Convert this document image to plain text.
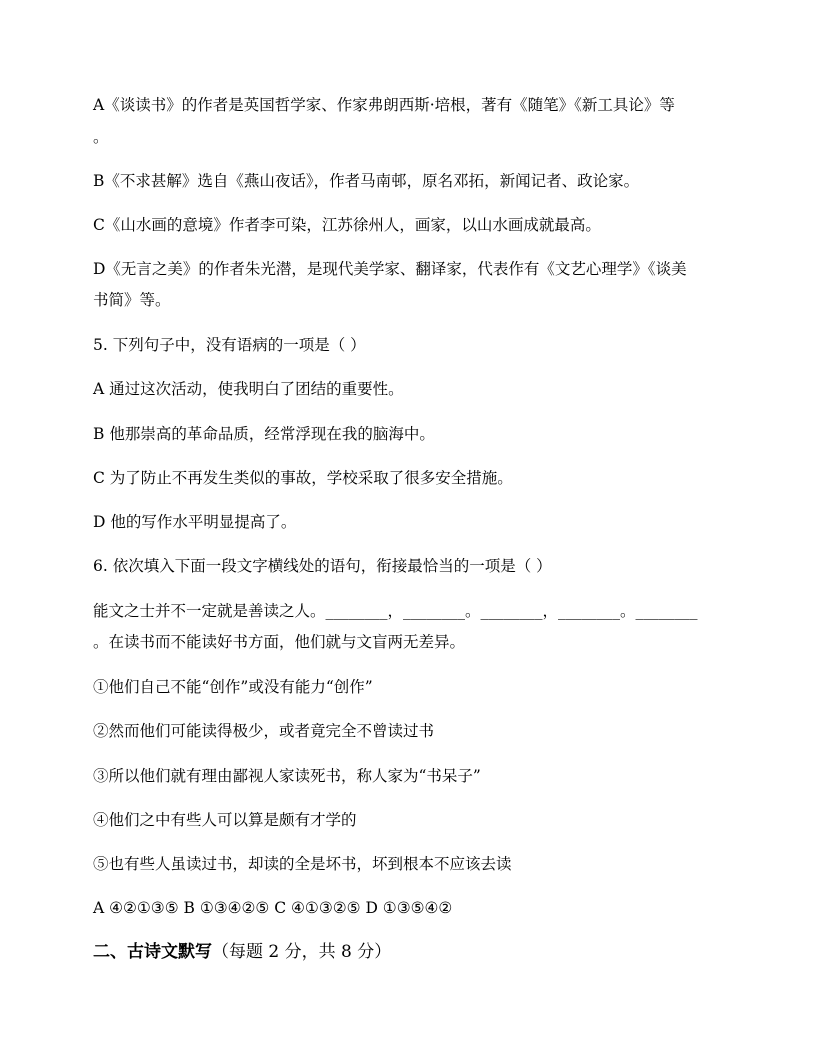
A《谈读书》的作者是英国哲学家、作家弗朗西斯·培根，著有《随笔》《新工具论》等
。
B《不求甚解》选自《燕山夜话》，作者马南邨，原名邓拓，新闻记者、政论家。
C《山水画的意境》作者李可染，江苏徐州人，画家，以山水画成就最高。
D《无言之美》的作者朱光潜，是现代美学家、翻译家，代表作有《文艺心理学》《谈美
书简》等。
5. 下列句子中，没有语病的一项是（ ）
A 通过这次活动，使我明白了团结的重要性。
B 他那崇高的革命品质，经常浮现在我的脑海中。
C 为了防止不再发生类似的事故，学校采取了很多安全措施。
D 他的写作水平明显提高了。
6. 依次填入下面一段文字横线处的语句，衔接最恰当的一项是（ ）
能文之士并不一定就是善读之人。________，________。________，________。________
。在读书而不能读好书方面，他们就与文盲两无差异。
①他们自己不能“创作”或没有能力“创作”
②然而他们可能读得极少，或者竟完全不曾读过书
③所以他们就有理由鄙视人家读死书，称人家为“书呆子”
④他们之中有些人可以算是颇有才学的
⑤也有些人虽读过书，却读的全是坏书，坏到根本不应该去读
A ④②①③⑤ B ①③④②⑤ C ④①③②⑤ D ①③⑤④②
二、古诗文默写（每题 2 分，共 8 分）
